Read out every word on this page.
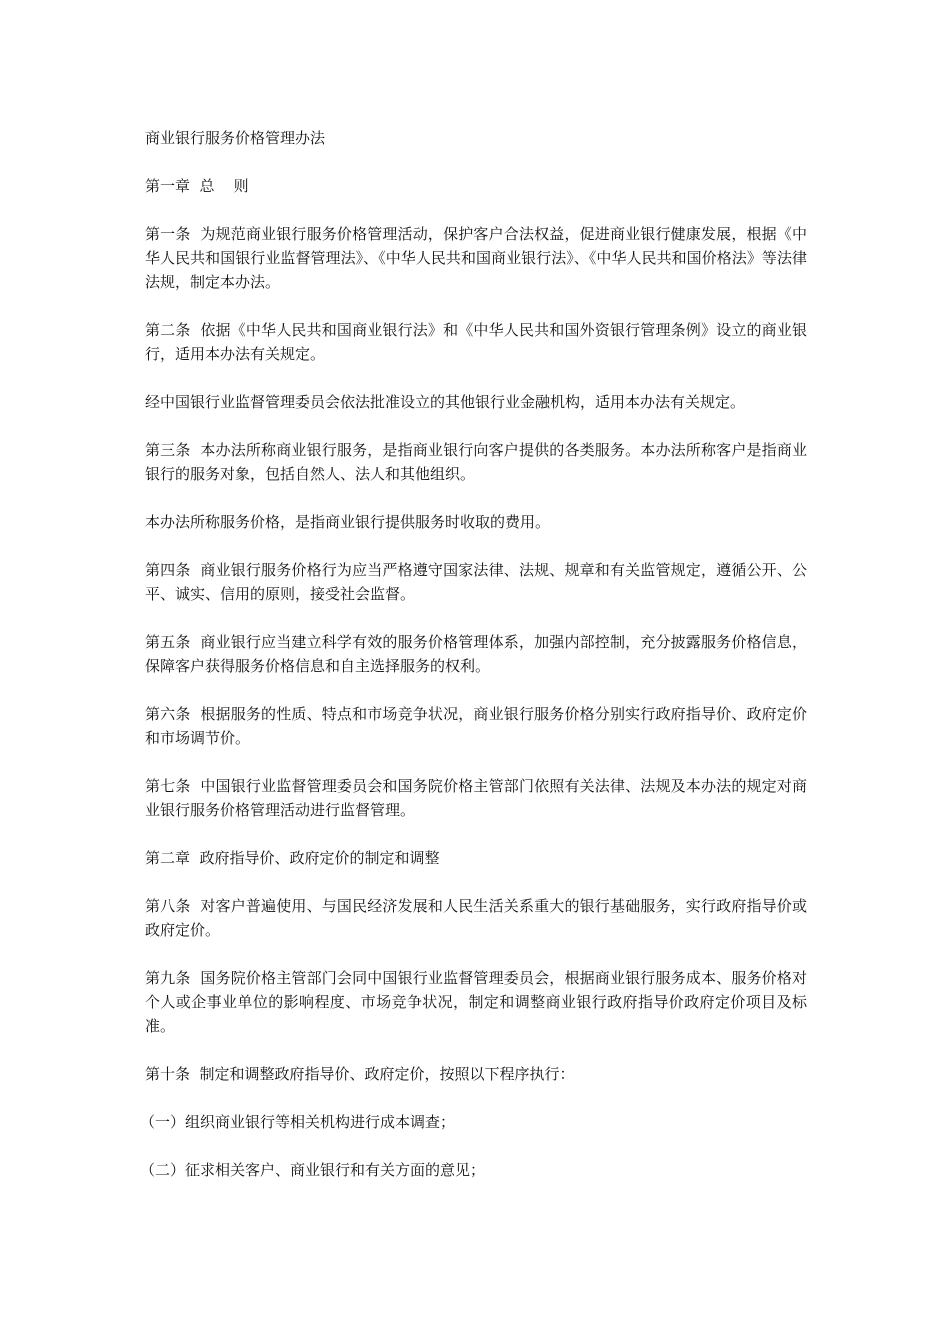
商业银行服务价格管理办法

第一章  总    则

第一条  为规范商业银行服务价格管理活动，保护客户合法权益，促进商业银行健康发展，根据《中华人民共和国银行业监督管理法》、《中华人民共和国商业银行法》、《中华人民共和国价格法》等法律法规，制定本办法。

第二条  依据《中华人民共和国商业银行法》和《中华人民共和国外资银行管理条例》设立的商业银行，适用本办法有关规定。

经中国银行业监督管理委员会依法批准设立的其他银行业金融机构，适用本办法有关规定。

第三条  本办法所称商业银行服务，是指商业银行向客户提供的各类服务。本办法所称客户是指商业银行的服务对象，包括自然人、法人和其他组织。

本办法所称服务价格，是指商业银行提供服务时收取的费用。

第四条  商业银行服务价格行为应当严格遵守国家法律、法规、规章和有关监管规定，遵循公开、公平、诚实、信用的原则，接受社会监督。

第五条  商业银行应当建立科学有效的服务价格管理体系，加强内部控制，充分披露服务价格信息，保障客户获得服务价格信息和自主选择服务的权利。

第六条  根据服务的性质、特点和市场竞争状况，商业银行服务价格分别实行政府指导价、政府定价和市场调节价。

第七条  中国银行业监督管理委员会和国务院价格主管部门依照有关法律、法规及本办法的规定对商业银行服务价格管理活动进行监督管理。

第二章  政府指导价、政府定价的制定和调整

第八条  对客户普遍使用、与国民经济发展和人民生活关系重大的银行基础服务，实行政府指导价或政府定价。

第九条  国务院价格主管部门会同中国银行业监督管理委员会，根据商业银行服务成本、服务价格对个人或企事业单位的影响程度、市场竞争状况，制定和调整商业银行政府指导价政府定价项目及标准。

第十条  制定和调整政府指导价、政府定价，按照以下程序执行：

（一）组织商业银行等相关机构进行成本调查；

（二）征求相关客户、商业银行和有关方面的意见；
